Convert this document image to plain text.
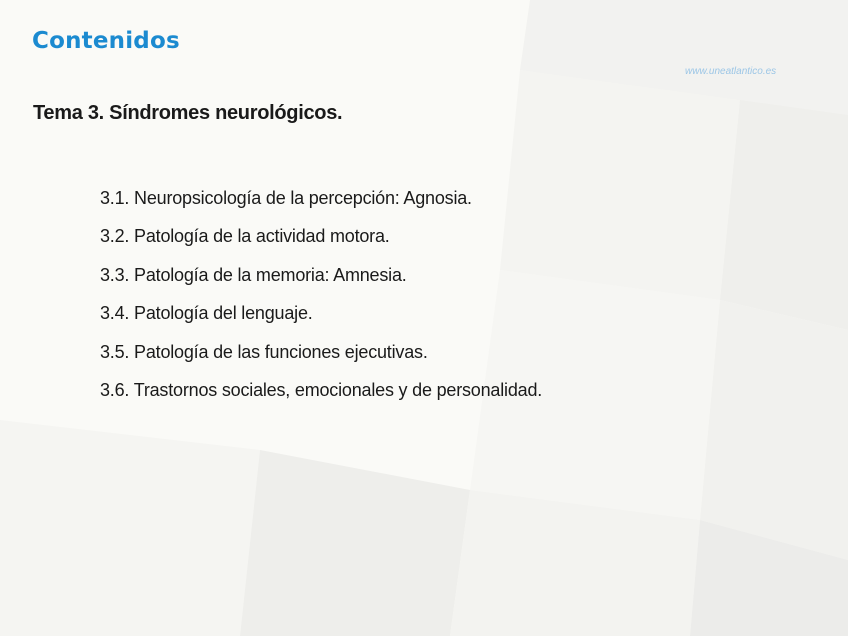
Contenidos
www.uneatlantico.es
Tema 3. Síndromes neurológicos.
3.1. Neuropsicología de la percepción: Agnosia.
3.2. Patología de la actividad motora.
3.3. Patología de la memoria: Amnesia.
3.4. Patología del lenguaje.
3.5. Patología de las funciones ejecutivas.
3.6. Trastornos sociales, emocionales y de personalidad.
